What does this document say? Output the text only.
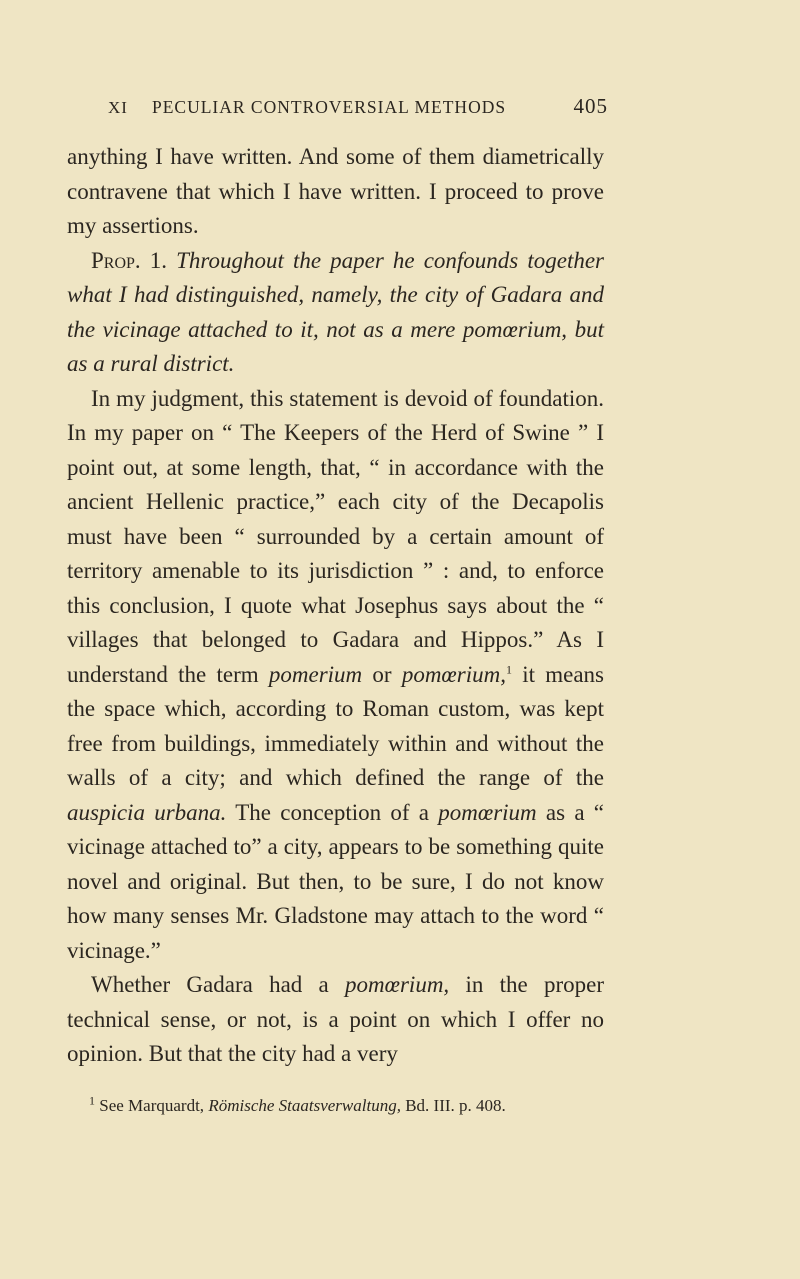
XI	PECULIAR CONTROVERSIAL METHODS	405

anything I have written. And some of them diametrically contravene that which I have written. I proceed to prove my assertions.

Prop. 1. Throughout the paper he confounds together what I had distinguished, namely, the city of Gadara and the vicinage attached to it, not as a mere pomœrium, but as a rural district.

In my judgment, this statement is devoid of foundation. In my paper on “ The Keepers of the Herd of Swine ” I point out, at some length, that, “ in accordance with the ancient Hellenic practice,” each city of the Decapolis must have been “ surrounded by a certain amount of territory amenable to its jurisdiction ” : and, to enforce this conclusion, I quote what Josephus says about the “ villages that belonged to Gadara and Hippos.” As I understand the term pomerium or pomœrium,$^1$ it means the space which, according to Roman custom, was kept free from buildings, immediately within and without the walls of a city; and which defined the range of the auspicia urbana. The conception of a pomœrium as a “ vicinage attached to” a city, appears to be something quite novel and original. But then, to be sure, I do not know how many senses Mr. Gladstone may attach to the word “ vicinage.”

Whether Gadara had a pomœrium, in the proper technical sense, or not, is a point on which I offer no opinion. But that the city had a very

$^1$ See Marquardt, Römische Staatsverwaltung, Bd. III. p. 408.
